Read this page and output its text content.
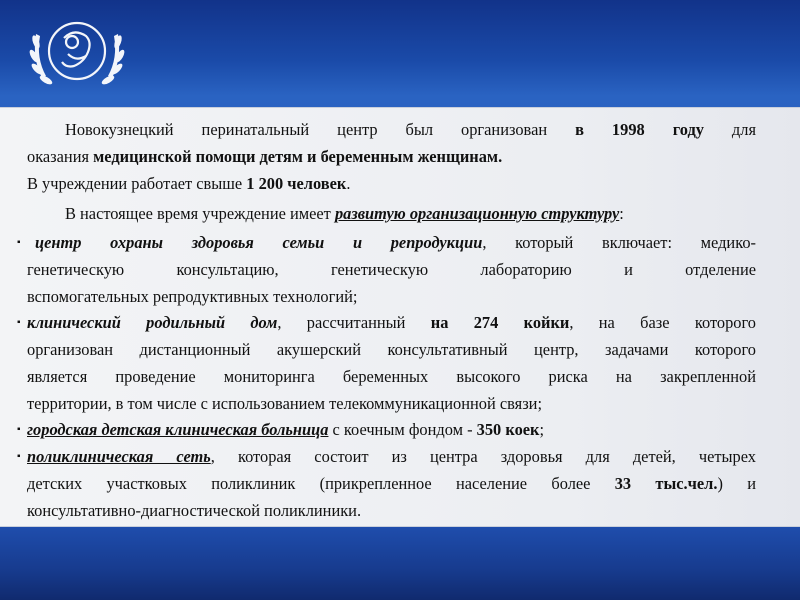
Новокузнецкий перинатальный центр был организован в 1998 году для
оказания медицинской помощи детям и беременным женщинам.
В учреждении работает свыше 1 200 человек.
В настоящее время учреждение имеет развитую организационную структуру:
▪ центр охраны здоровья семьи и репродукции, который включает: медико-
генетическую консультацию, генетическую лабораторию и отделение
вспомогательных репродуктивных технологий;
▪ клинический родильный дом, рассчитанный на 274 койки, на базе которого
организован дистанционный акушерский консультативный центр, задачами которого
является проведение мониторинга беременных высокого риска на закрепленной
территории, в том числе с использованием телекоммуникационной связи;
▪ городская детская клиническая больница с коечным фондом - 350 коек;
▪ поликлиническая сеть, которая состоит из центра здоровья для детей, четырех
детских участковых поликлиник (прикрепленное население более 33 тыс.чел.) и
консультативно-диагностической поликлиники.
